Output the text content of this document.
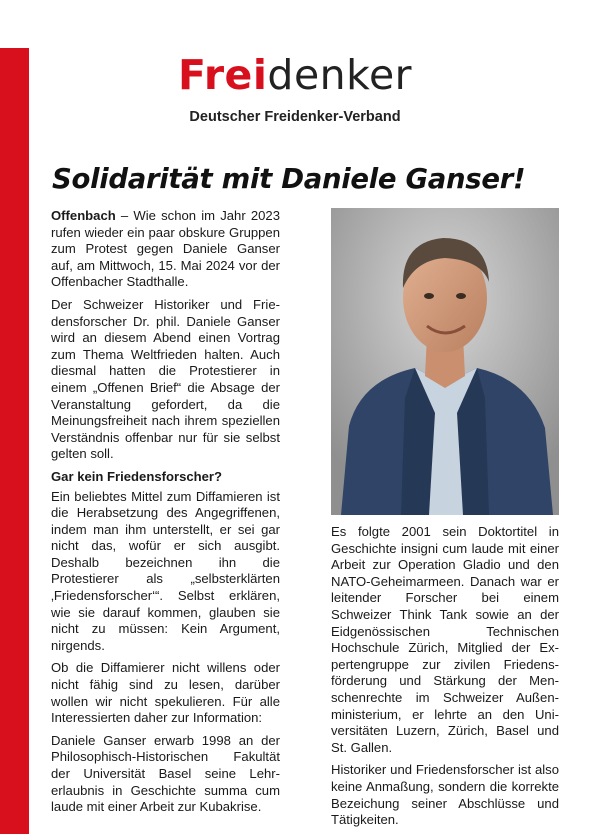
Freidenker
Deutscher Freidenker-Verband
Solidarität mit Daniele Ganser!

Offenbach – Wie schon im Jahr 2023 rufen wieder ein paar obskure Gruppen zum Protest gegen Daniele Ganser auf, am Mittwoch, 15. Mai 2024 vor der Offenbacher Stadthalle.

Der Schweizer Historiker und Friedensforscher Dr. phil. Daniele Ganser wird an diesem Abend einen Vortrag zum Thema Weltfrieden halten. Auch diesmal hatten die Protestierer in einem „Offenen Brief“ die Absage der Veranstaltung gefordert, da die Meinungsfreiheit nach ihrem speziellen Verständnis offenbar nur für sie selbst gelten soll.

Gar kein Friedensforscher?

Ein beliebtes Mittel zum Diffamieren ist die Herabsetzung des Angegriffenen, indem man ihm unterstellt, er sei gar nicht das, wofür er sich ausgibt. Deshalb bezeichnen ihn die Protestierer als „selbsterklärten ‚Friedensforscher‘“. Selbst erklären, wie sie darauf kommen, glauben sie nicht zu müssen: Kein Argument, nirgends.

Ob die Diffamierer nicht willens oder nicht fähig sind zu lesen, darüber wollen wir nicht spekulieren. Für alle Interessierten daher zur Information:

Daniele Ganser erwarb 1998 an der Philosophisch-Historischen Fakultät der Universität Basel seine Lehrerlaubnis in Geschichte summa cum laude mit einer Arbeit zur Kubakrise.

Es folgte 2001 sein Doktortitel in Geschichte insigni cum laude mit einer Arbeit zur Operation Gladio und den NATO-Geheimarmeen. Danach war er leitender Forscher bei einem Schweizer Think Tank sowie an der Eidgenössischen Technischen Hochschule Zürich, Mitglied der Expertengruppe zur zivilen Friedensförderung und Stärkung der Menschenrechte im Schweizer Außenministerium, er lehrte an den Universitäten Luzern, Zürich, Basel und St. Gallen.

Historiker und Friedensforscher ist also keine Anmaßung, sondern die korrekte Bezeichung seiner Abschlüsse und Tätigkeiten.
